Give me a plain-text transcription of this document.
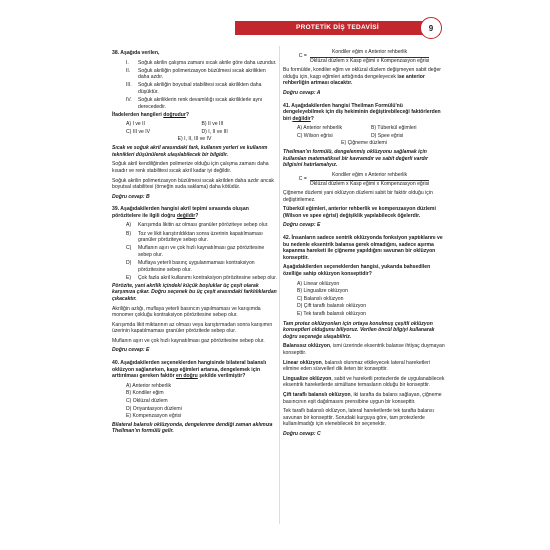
PROTETİK DİŞ TEDAVİSİ	9

38. Aşağıda verilen,

I.	Soğuk akrilin çalışma zamanı sıcak akrile göre daha uzundur.
II.	Soğuk akriliğin polimerizasyon büzülmesi sıcak akrilikten daha azdır.
III.	Soğuk akriliğin boyutsal stabilitesi sıcak akrilikten daha düşüktür.
IV.	Soğuk akriliklerin renk devamlılığı sıcak akriliklerle aynı derecededir.

İfadelerden hangileri doğrudur?

A) I ve II	B) II ve III
C) III ve IV	D) I, II ve III

E) I, II, III ve IV

Sıcak ve soğuk akril arasındaki fark, kullanım yerleri ve kullanım teknikleri düşünülerek ulaşılabilecek bir bilgidir.

Soğuk akril kendiliğinden polimerize olduğu için çalışma zamanı daha kısadır ve renk stabilitesi sıcak akril kadar iyi değildir.

Soğuk akrilin polimerizasyon büzülmesi sıcak akrilden daha azdır ancak boyutsal stabilitesi (örneğin suda saklama) daha kötüdür.

Doğru cevap: B

39. Aşağıdakilerden hangisi akril tepimi sırasında oluşan pörözitelere ile ilgili doğru değildir?

A)	Karışımda likitin az olması granüler pöröziteye sebep olur.
B)	Toz ve likit karıştırıldıktan sonra üzerinin kapatılmaması granüler pöröziteye sebep olur.
C)	Muflanın aşırı ve çok hızlı kaynatılması gaz pörözitesine sebep olur.
D)	Muflaya yeterli basınç uygulanmaması kontraksiyon pörözitesine sebep olur.
E)	Çok fazla akril kullanımı kontraksiyon pörözitesine sebep olur.

Pörözite, yani akrilik içindeki küçük boşluklar üç çeşit olarak karşımıza çıkar. Doğru seçenek bu üç çeşit arasındaki farklılıklardan çıkacaktır.

Akriliğin azlığı, muflaya yeterli basıncın yapılmaması ve karışımda monomer çokluğu kontraksiyon pörözitesine sebep olur.

Karışımda likit miktarının az olması veya karıştırmadan sonra karışımın üzerinin kapatılmaması granüler pörözitede sebep olur.

Muflanın aşırı ve çok hızlı kaynatılması gaz pörözitesine sebep olur.

Doğru cevap: E

40. Aşağıdakilerden seçeneklerden hangisinde bilateral balanslı oklüzyon sağlanırken, kaşp eğimleri artarsa, dengelemek için arttırılması gereken faktör en doğru şekilde verilmiştir?

A) Anterior rehberlik

B) Kondiler eğim

C) Oklüzal düzlem

D) Oriyantasyon düzlemi

E) Kompenzasyon eğrisi

Bilateral balanslı oklüzyonda, dengelenme dendiği zaman aklımıza Thellman'ın formülü gelir.

C =
Kondiler eğim x Anterior rehberlik
Oklüzal düzlem x Kasp eğimi x Kompenzasyon eğrisi

Bu formülde, kondiler eğim ve oklüzal düzlem değişmeyen sabit değer olduğu için, kaşp eğimleri arttığında dengeleyecek ise anterior rehberliğin artması olacaktır.

Doğru cevap: A

41. Aşağıdakilerden hangisi Theilman Formülü'nü dengeleyebilmek için diş hekiminin değiştirebileceği faktörlerden biri değildir?

A) Anterior rehberlik	B) Tüberkül eğimleri
C) Wilson eğrisi	D) Spee eğrisi

E) Çiğneme düzlemi

Theilman'ın formülü, dengelenmiş oklüzyonu sağlamak için kullanılan matematiksel bir kavramdır ve sabit değerli vardır bilgisini hatırlamalıyız.

C =
Kondiler eğim x Anterior rehberlik
Oklüzal düzlem x Kasp eğimi x Kompenzasyon eğrisi

Çiğneme düzlemi yani oklüzyon düzlemi sabit bir faktör olduğu için değiştirilemez.

Tüberkül eğimleri, anterior rehberlik ve kompenzasyon düzlemi (Wilson ve spee eğrisi) değişiklik yapılabilecek öğelerdir.

Doğru cevap: E

42. İnsanların sadece sentrik oklüzyonda fonksiyon yaptıklarını ve bu nedenle eksentrik balansa gerek olmadığını, sadece aşırma kapanma hareketi ile çiğneme yapıldığını savunan bir oklüzyon konsepttir.

Aşağıdakilerden seçeneklerden hangisi, yukarıda bahsedilen özelliğe sahip oklüzyon konseptidir?

A) Linear oklüzyon

B) Lingualize oklüzyon

C) Balanslı oklüzyon

D) Çift taraflı balanslı oklüzyon

E) Tek taraflı balanslı oklüzyon

Tam protez oklüzyonları için ortaya konulmuş çeşitli oklüzyon konseptleri olduğunu biliyoruz. Verilen öncül bilgiyi kullanarak doğru seçeneğe ulaşabiliriz.

Balanssız oklüzyon, ismi üzerinde eksentrik balanse ihtiyaç duymayan konsepttir.

Linear oklüzyon, balanslı olunmaz etkileyecek lateral hareketleri elimine eden süvvellerl dik ileten bir konsepttir.

Lingualize oklüzyon, sabit ve hareketli protezlerde de uygulanabilecek eksentrik hareketlerde simültane temasların olduğu bir konsepttir.

Çift taraflı balanslı oklüzyon, iki tarafta da balans sağlayan, çiğneme basıncının eşit dağılmasını prensibine uygun bir konsepttir.

Tek taraflı balanslı oklüzyon, lateral hareketlerde tek tarafta balansı savunan bir konsepttir. Sorudaki kurguya göre, tam protezlerde kullanılmadığı için elenebilecek bir seçenektir.

Doğru cevap: C
